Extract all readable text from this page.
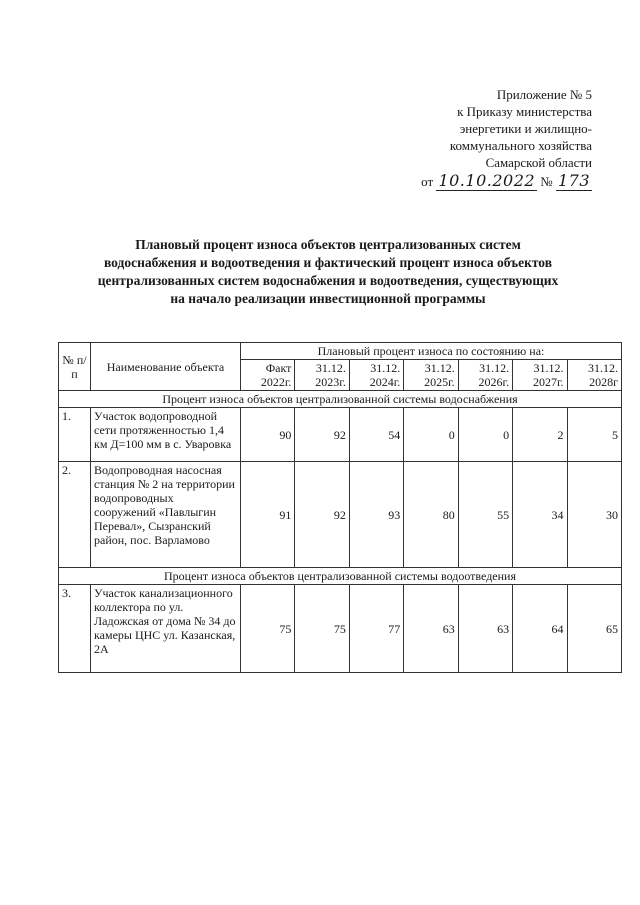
Приложение № 5
к Приказу министерства
энергетики и жилищно-
коммунального хозяйства
Самарской области
от 10.10.2022 № 173
Плановый процент износа объектов централизованных систем
водоснабжения и водоотведения и фактический процент износа объектов
централизованных систем водоснабжения и водоотведения, существующих
на начало реализации инвестиционной программы
№ п/п	Наименование объекта	Плановый процент износа по состоянию на:						
		Факт 2022г.	31.12. 2023г.	31.12. 2024г.	31.12. 2025г.	31.12. 2026г.	31.12. 2027г.	31.12. 2028г
Процент износа объектов централизованной системы водоснабжения								
1.	Участок водопроводной сети протяженностью 1,4 км Д=100 мм в с. Уваровка	90	92	54	0	0	2	5
2.	Водопроводная насосная станция № 2 на территории водопроводных сооружений «Павлыгин Перевал», Сызранский район, пос. Варламово	91	92	93	80	55	34	30
Процент износа объектов централизованной системы водоотведения								
3.	Участок канализационного коллектора по ул. Ладожская от дома № 34 до камеры ЦНС ул. Казанская, 2А	75	75	77	63	63	64	65
